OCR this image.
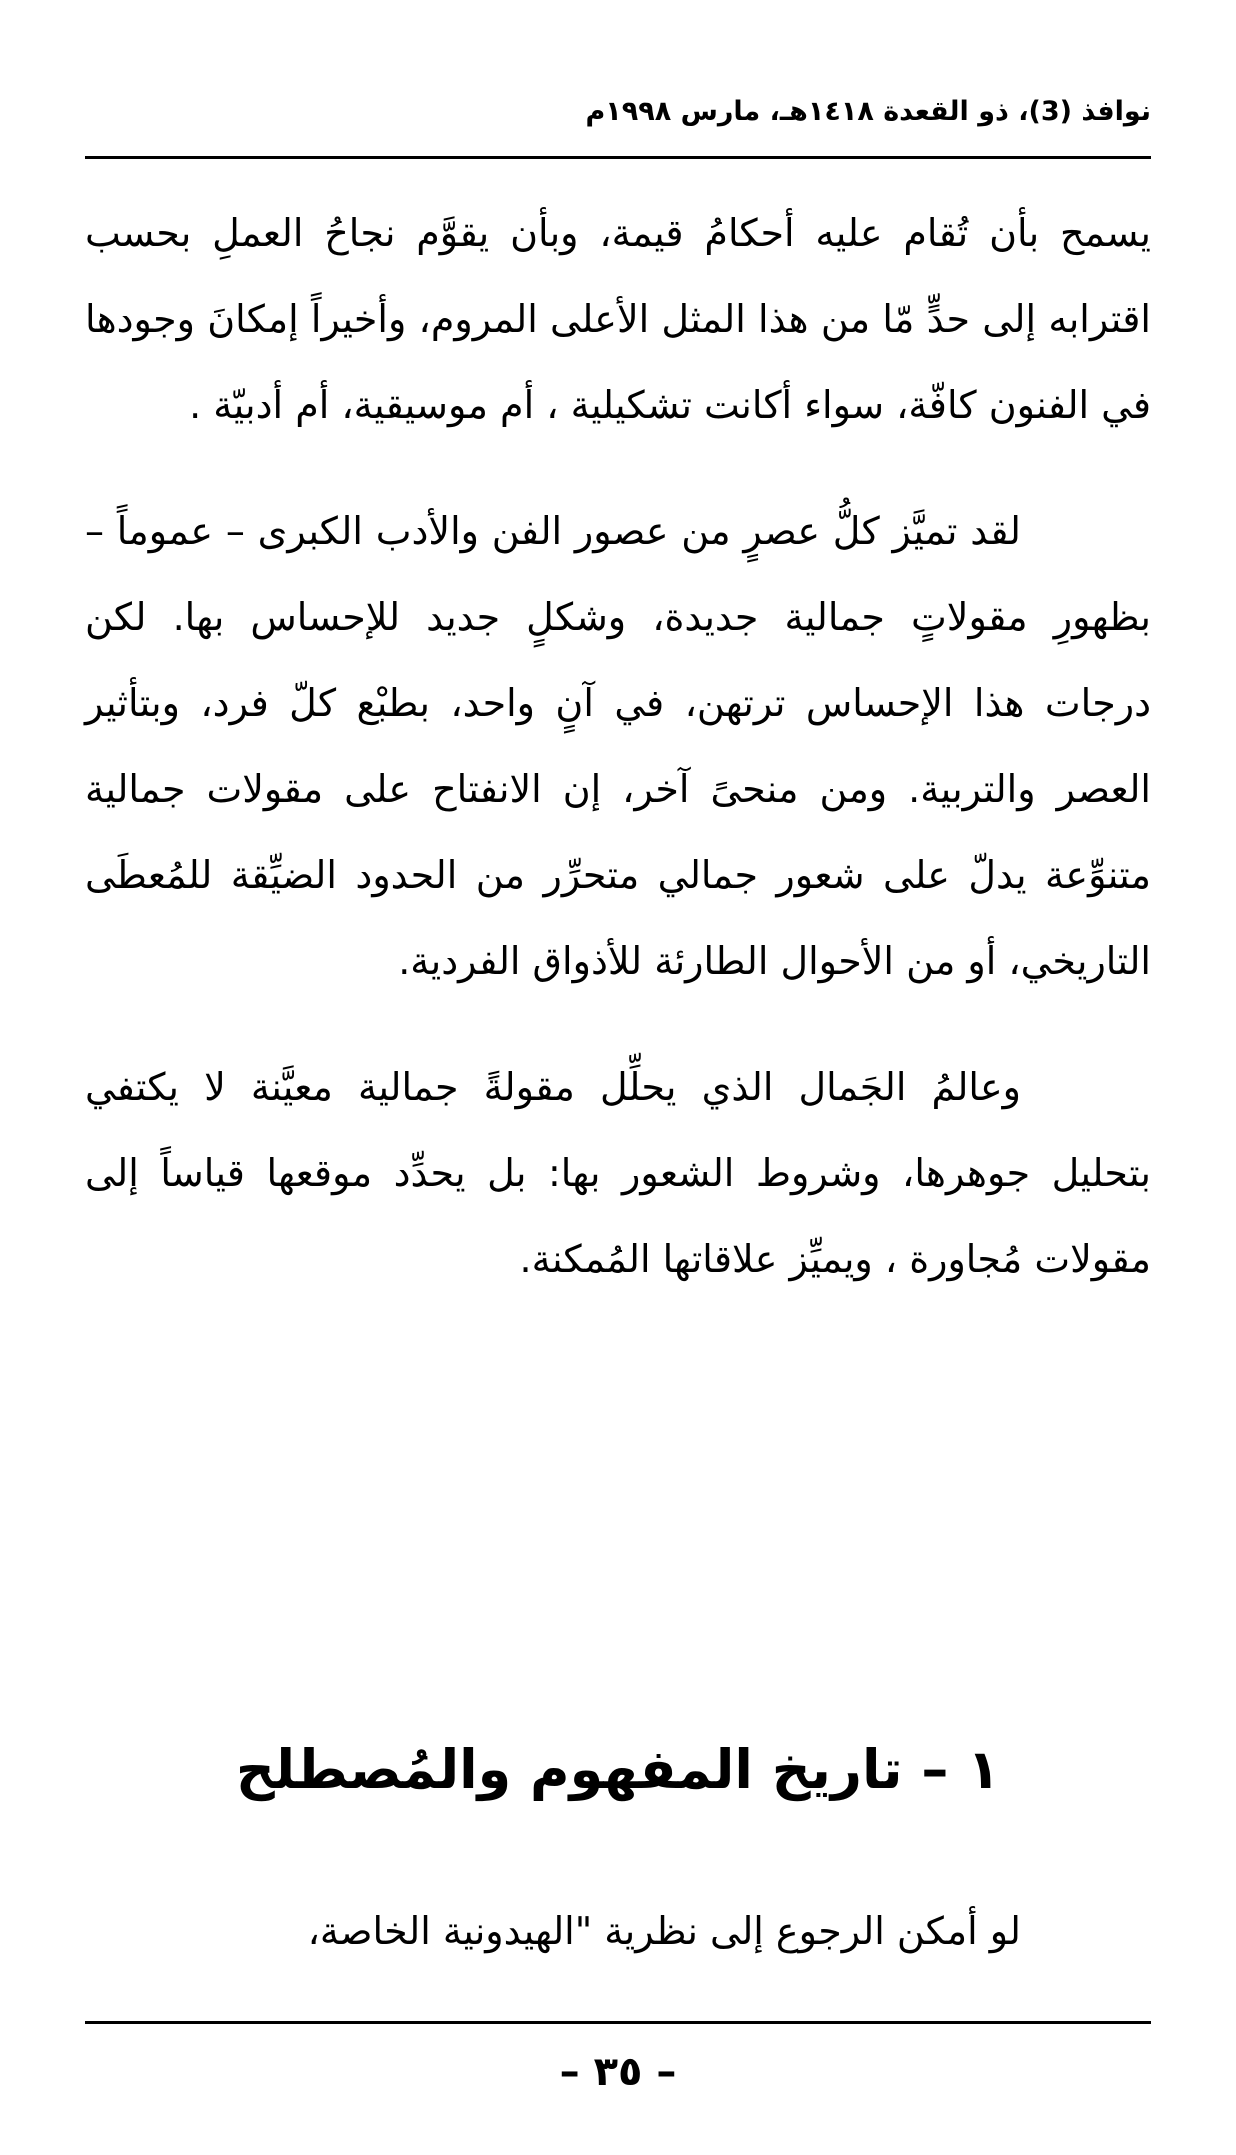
نوافذ (3)، ذو القعدة ١٤١٨هـ، مارس ١٩٩٨م

يسمح بأن تُقام عليه أحكامُ قيمة، وبأن يقوَّم نجاحُ العملِ بحسب اقترابه إلى حدٍّ مّا من هذا المثل الأعلى المروم، وأخيراً إمكانَ وجودها في الفنون كافّة، سواء أكانت تشكيلية ، أم موسيقية، أم أدبيّة .

لقد تميَّز كلُّ عصرٍ من عصور الفن والأدب الكبرى – عموماً – بظهورِ مقولاتٍ جمالية جديدة، وشكلٍ جديد للإحساس بها. لكن درجات هذا الإحساس ترتهن، في آنٍ واحد، بطبْع كلّ فرد، وبتأثير العصر والتربية. ومن منحىً آخر، إن الانفتاح على مقولات جمالية متنوِّعة يدلّ على شعور جمالي متحرِّر من الحدود الضيِّقة للمُعطَى التاريخي، أو من الأحوال الطارئة للأذواق الفردية.

وعالمُ الجَمال الذي يحلِّل مقولةً جمالية معيَّنة لا يكتفي بتحليل جوهرها، وشروط الشعور بها: بل يحدِّد موقعها قياساً إلى مقولات مُجاورة ، ويميِّز علاقاتها المُمكنة.

١ – تاريخ المفهوم والمُصطلح

لو أمكن الرجوع إلى نظرية "الهيدونية الخاصة،

– ٣٥ –
